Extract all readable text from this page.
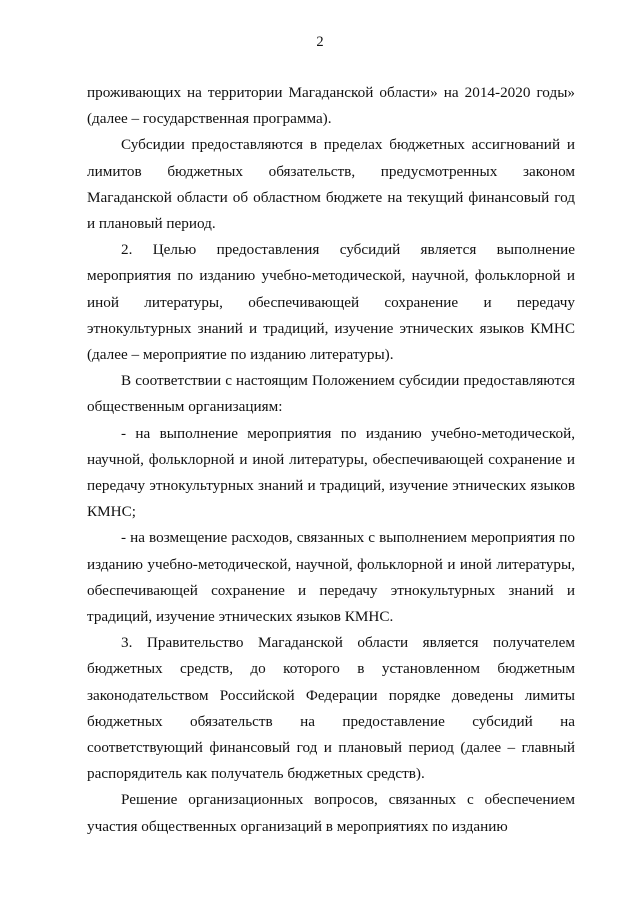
2

проживающих на территории Магаданской области» на 2014-2020 годы» (далее – государственная программа).

Субсидии предоставляются в пределах бюджетных ассигнований и лимитов бюджетных обязательств, предусмотренных законом Магаданской области об областном бюджете на текущий финансовый год и плановый период.

2. Целью предоставления субсидий является выполнение мероприятия по изданию учебно-методической, научной, фольклорной и иной литературы, обеспечивающей сохранение и передачу этнокультурных знаний и традиций, изучение этнических языков КМНС (далее – мероприятие по изданию литературы).

В соответствии с настоящим Положением субсидии предоставляются общественным организациям:

- на выполнение мероприятия по изданию учебно-методической, научной, фольклорной и иной литературы, обеспечивающей сохранение и передачу этнокультурных знаний и традиций, изучение этнических языков КМНС;

- на возмещение расходов, связанных с выполнением мероприятия по изданию учебно-методической, научной, фольклорной и иной литературы, обеспечивающей сохранение и передачу этнокультурных знаний и традиций, изучение этнических языков КМНС.

3. Правительство Магаданской области является получателем бюджетных средств, до которого в установленном бюджетным законодательством Российской Федерации порядке доведены лимиты бюджетных обязательств на предоставление субсидий на соответствующий финансовый год и плановый период (далее – главный распорядитель как получатель бюджетных средств).

Решение организационных вопросов, связанных с обеспечением участия общественных организаций в мероприятиях по изданию
